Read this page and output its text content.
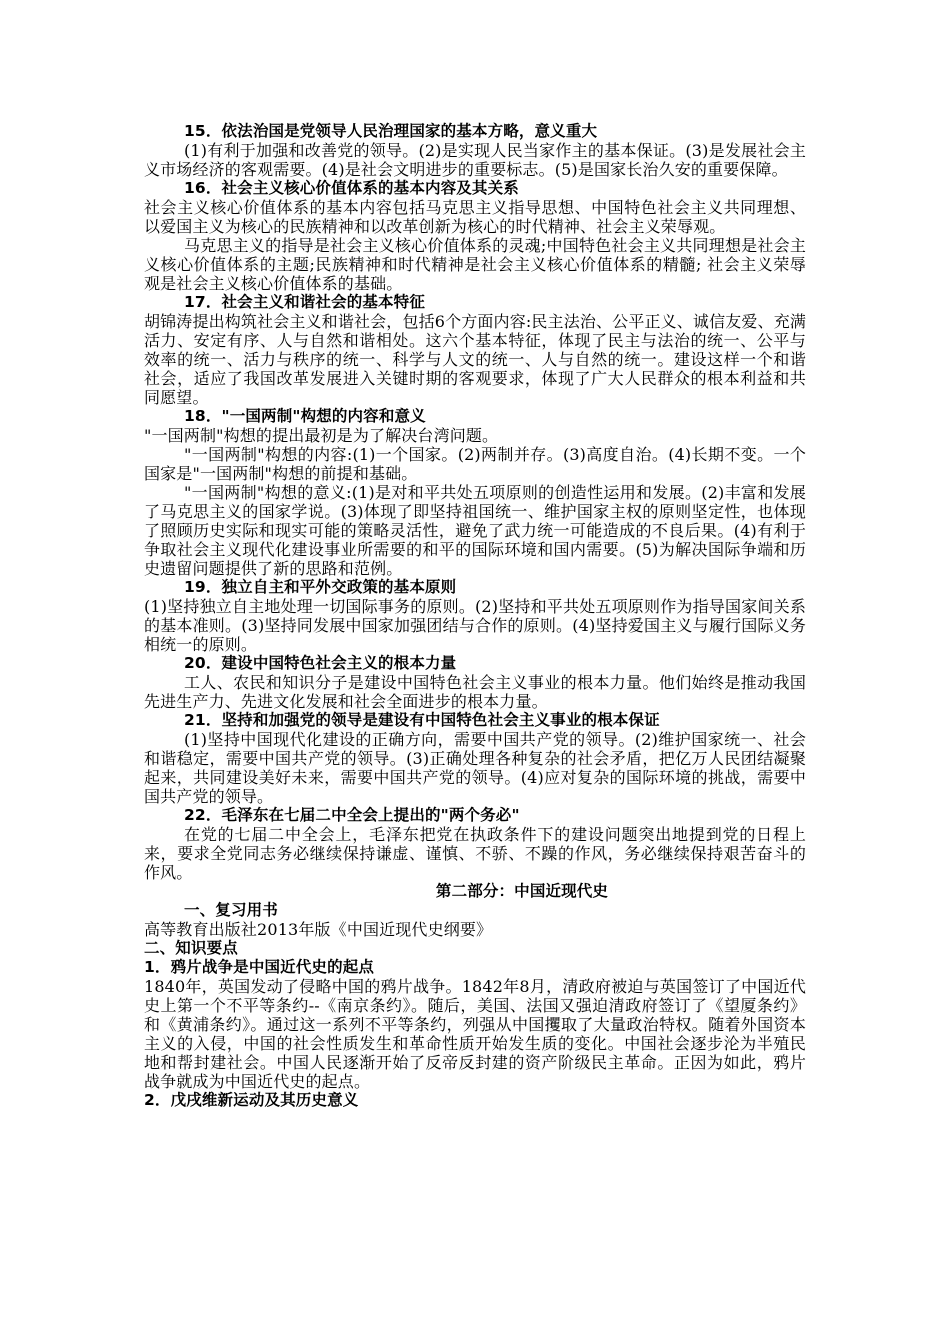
15．依法治国是党领导人民治理国家的基本方略，意义重大
(1)有利于加强和改善党的领导。(2)是实现人民当家作主的基本保证。(3)是发展社会主义市场经济的客观需要。(4)是社会文明进步的重要标志。(5)是国家长治久安的重要保障。
16．社会主义核心价值体系的基本内容及其关系
社会主义核心价值体系的基本内容包括马克思主义指导思想、中国特色社会主义共同理想、以爱国主义为核心的民族精神和以改革创新为核心的时代精神、社会主义荣辱观。
马克思主义的指导是社会主义核心价值体系的灵魂;中国特色社会主义共同理想是社会主义核心价值体系的主题;民族精神和时代精神是社会主义核心价值体系的精髓; 社会主义荣辱观是社会主义核心价值体系的基础。
17．社会主义和谐社会的基本特征
胡锦涛提出构筑社会主义和谐社会，包括6个方面内容:民主法治、公平正义、诚信友爱、充满活力、安定有序、人与自然和谐相处。这六个基本特征，体现了民主与法治的统一、公平与效率的统一、活力与秩序的统一、科学与人文的统一、人与自然的统一。建设这样一个和谐社会，适应了我国改革发展进入关键时期的客观要求，体现了广大人民群众的根本利益和共同愿望。
18．"一国两制"构想的内容和意义
"一国两制"构想的提出最初是为了解决台湾问题。
"一国两制"构想的内容:(1)一个国家。(2)两制并存。(3)高度自治。(4)长期不变。一个国家是"一国两制"构想的前提和基础。
"一国两制"构想的意义:(1)是对和平共处五项原则的创造性运用和发展。(2)丰富和发展了马克思主义的国家学说。(3)体现了即坚持祖国统一、维护国家主权的原则坚定性，也体现了照顾历史实际和现实可能的策略灵活性，避免了武力统一可能造成的不良后果。(4)有利于争取社会主义现代化建设事业所需要的和平的国际环境和国内需要。(5)为解决国际争端和历史遗留问题提供了新的思路和范例。
19．独立自主和平外交政策的基本原则
(1)坚持独立自主地处理一切国际事务的原则。(2)坚持和平共处五项原则作为指导国家间关系的基本准则。(3)坚持同发展中国家加强团结与合作的原则。(4)坚持爱国主义与履行国际义务相统一的原则。
20．建设中国特色社会主义的根本力量
工人、农民和知识分子是建设中国特色社会主义事业的根本力量。他们始终是推动我国先进生产力、先进文化发展和社会全面进步的根本力量。
21．坚持和加强党的领导是建设有中国特色社会主义事业的根本保证
(1)坚持中国现代化建设的正确方向，需要中国共产党的领导。(2)维护国家统一、社会和谐稳定，需要中国共产党的领导。(3)正确处理各种复杂的社会矛盾，把亿万人民团结凝聚起来，共同建设美好未来，需要中国共产党的领导。(4)应对复杂的国际环境的挑战，需要中国共产党的领导。
22．毛泽东在七届二中全会上提出的"两个务必"
在党的七届二中全会上，毛泽东把党在执政条件下的建设问题突出地提到党的日程上来，要求全党同志务必继续保持谦虚、谨慎、不骄、不躁的作风，务必继续保持艰苦奋斗的作风。
第二部分：中国近现代史
一、复习用书
高等教育出版社2013年版《中国近现代史纲要》
二、知识要点
1．鸦片战争是中国近代史的起点
1840年，英国发动了侵略中国的鸦片战争。1842年8月，清政府被迫与英国签订了中国近代史上第一个不平等条约--《南京条约》。随后，美国、法国又强迫清政府签订了《望厦条约》和《黄浦条约》。通过这一系列不平等条约，列强从中国攫取了大量政治特权。随着外国资本主义的入侵，中国的社会性质发生和革命性质开始发生质的变化。中国社会逐步沦为半殖民地和帮封建社会。中国人民逐渐开始了反帝反封建的资产阶级民主革命。正因为如此，鸦片战争就成为中国近代史的起点。
2．戊戌维新运动及其历史意义
